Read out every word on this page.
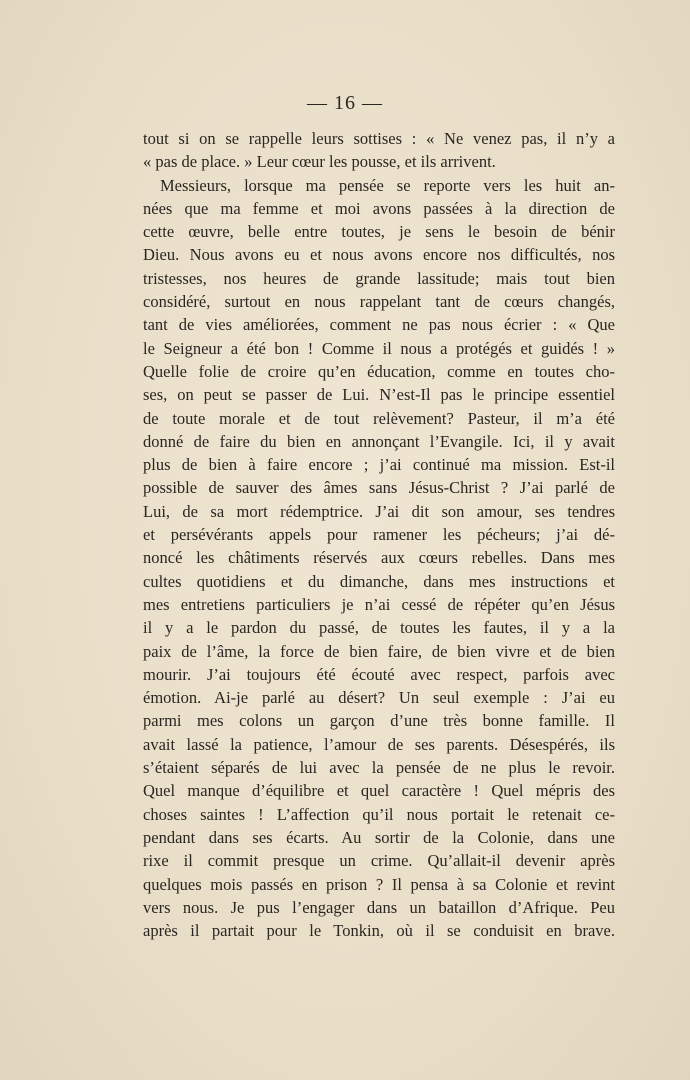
— 16 —
tout si on se rappelle leurs sottises : « Ne venez pas, il n’y a
« pas de place. » Leur cœur les pousse, et ils arrivent.
Messieurs, lorsque ma pensée se reporte vers les huit an-
nées que ma femme et moi avons passées à la direction de
cette œuvre, belle entre toutes, je sens le besoin de bénir
Dieu. Nous avons eu et nous avons encore nos difficultés, nos
tristesses, nos heures de grande lassitude; mais tout bien
considéré, surtout en nous rappelant tant de cœurs changés,
tant de vies améliorées, comment ne pas nous écrier : « Que
le Seigneur a été bon ! Comme il nous a protégés et guidés ! »
Quelle folie de croire qu’en éducation, comme en toutes cho-
ses, on peut se passer de Lui. N’est-Il pas le principe essentiel
de toute morale et de tout relèvement? Pasteur, il m’a été
donné de faire du bien en annonçant l’Evangile. Ici, il y avait
plus de bien à faire encore ; j’ai continué ma mission. Est-il
possible de sauver des âmes sans Jésus-Christ ? J’ai parlé de
Lui, de sa mort rédemptrice. J’ai dit son amour, ses tendres
et persévérants appels pour ramener les pécheurs; j’ai dé-
noncé les châtiments réservés aux cœurs rebelles. Dans mes
cultes quotidiens et du dimanche, dans mes instructions et
mes entretiens particuliers je n’ai cessé de répéter qu’en Jésus
il y a le pardon du passé, de toutes les fautes, il y a la
paix de l’âme, la force de bien faire, de bien vivre et de bien
mourir. J’ai toujours été écouté avec respect, parfois avec
émotion. Ai-je parlé au désert? Un seul exemple : J’ai eu
parmi mes colons un garçon d’une très bonne famille. Il
avait lassé la patience, l’amour de ses parents. Désespérés, ils
s’étaient séparés de lui avec la pensée de ne plus le revoir.
Quel manque d’équilibre et quel caractère ! Quel mépris des
choses saintes ! L’affection qu’il nous portait le retenait ce-
pendant dans ses écarts. Au sortir de la Colonie, dans une
rixe il commit presque un crime. Qu’allait-il devenir après
quelques mois passés en prison ? Il pensa à sa Colonie et revint
vers nous. Je pus l’engager dans un bataillon d’Afrique. Peu
après il partait pour le Tonkin, où il se conduisit en brave.
